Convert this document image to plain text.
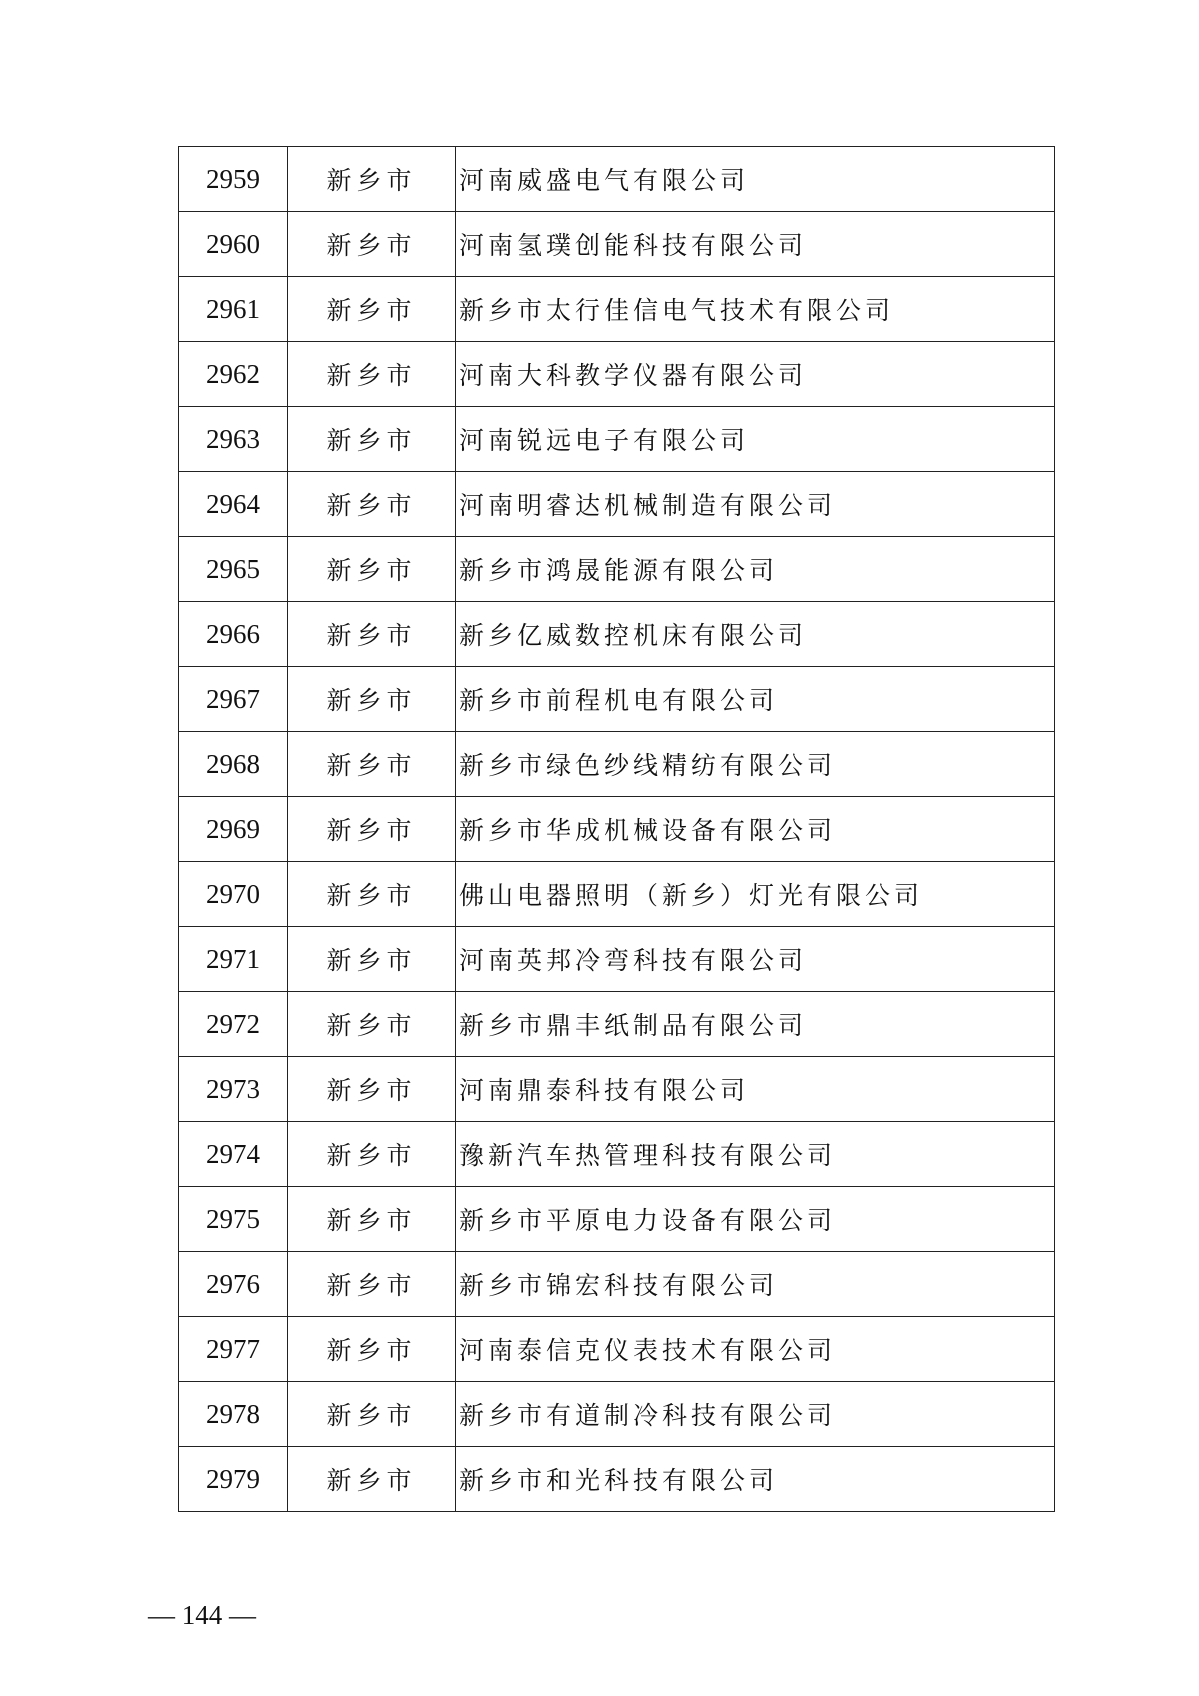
2959	新乡市	河南威盛电气有限公司
2960	新乡市	河南氢璞创能科技有限公司
2961	新乡市	新乡市太行佳信电气技术有限公司
2962	新乡市	河南大科教学仪器有限公司
2963	新乡市	河南锐远电子有限公司
2964	新乡市	河南明睿达机械制造有限公司
2965	新乡市	新乡市鸿晟能源有限公司
2966	新乡市	新乡亿威数控机床有限公司
2967	新乡市	新乡市前程机电有限公司
2968	新乡市	新乡市绿色纱线精纺有限公司
2969	新乡市	新乡市华成机械设备有限公司
2970	新乡市	佛山电器照明（新乡）灯光有限公司
2971	新乡市	河南英邦冷弯科技有限公司
2972	新乡市	新乡市鼎丰纸制品有限公司
2973	新乡市	河南鼎泰科技有限公司
2974	新乡市	豫新汽车热管理科技有限公司
2975	新乡市	新乡市平原电力设备有限公司
2976	新乡市	新乡市锦宏科技有限公司
2977	新乡市	河南泰信克仪表技术有限公司
2978	新乡市	新乡市有道制冷科技有限公司
2979	新乡市	新乡市和光科技有限公司
— 144 —
